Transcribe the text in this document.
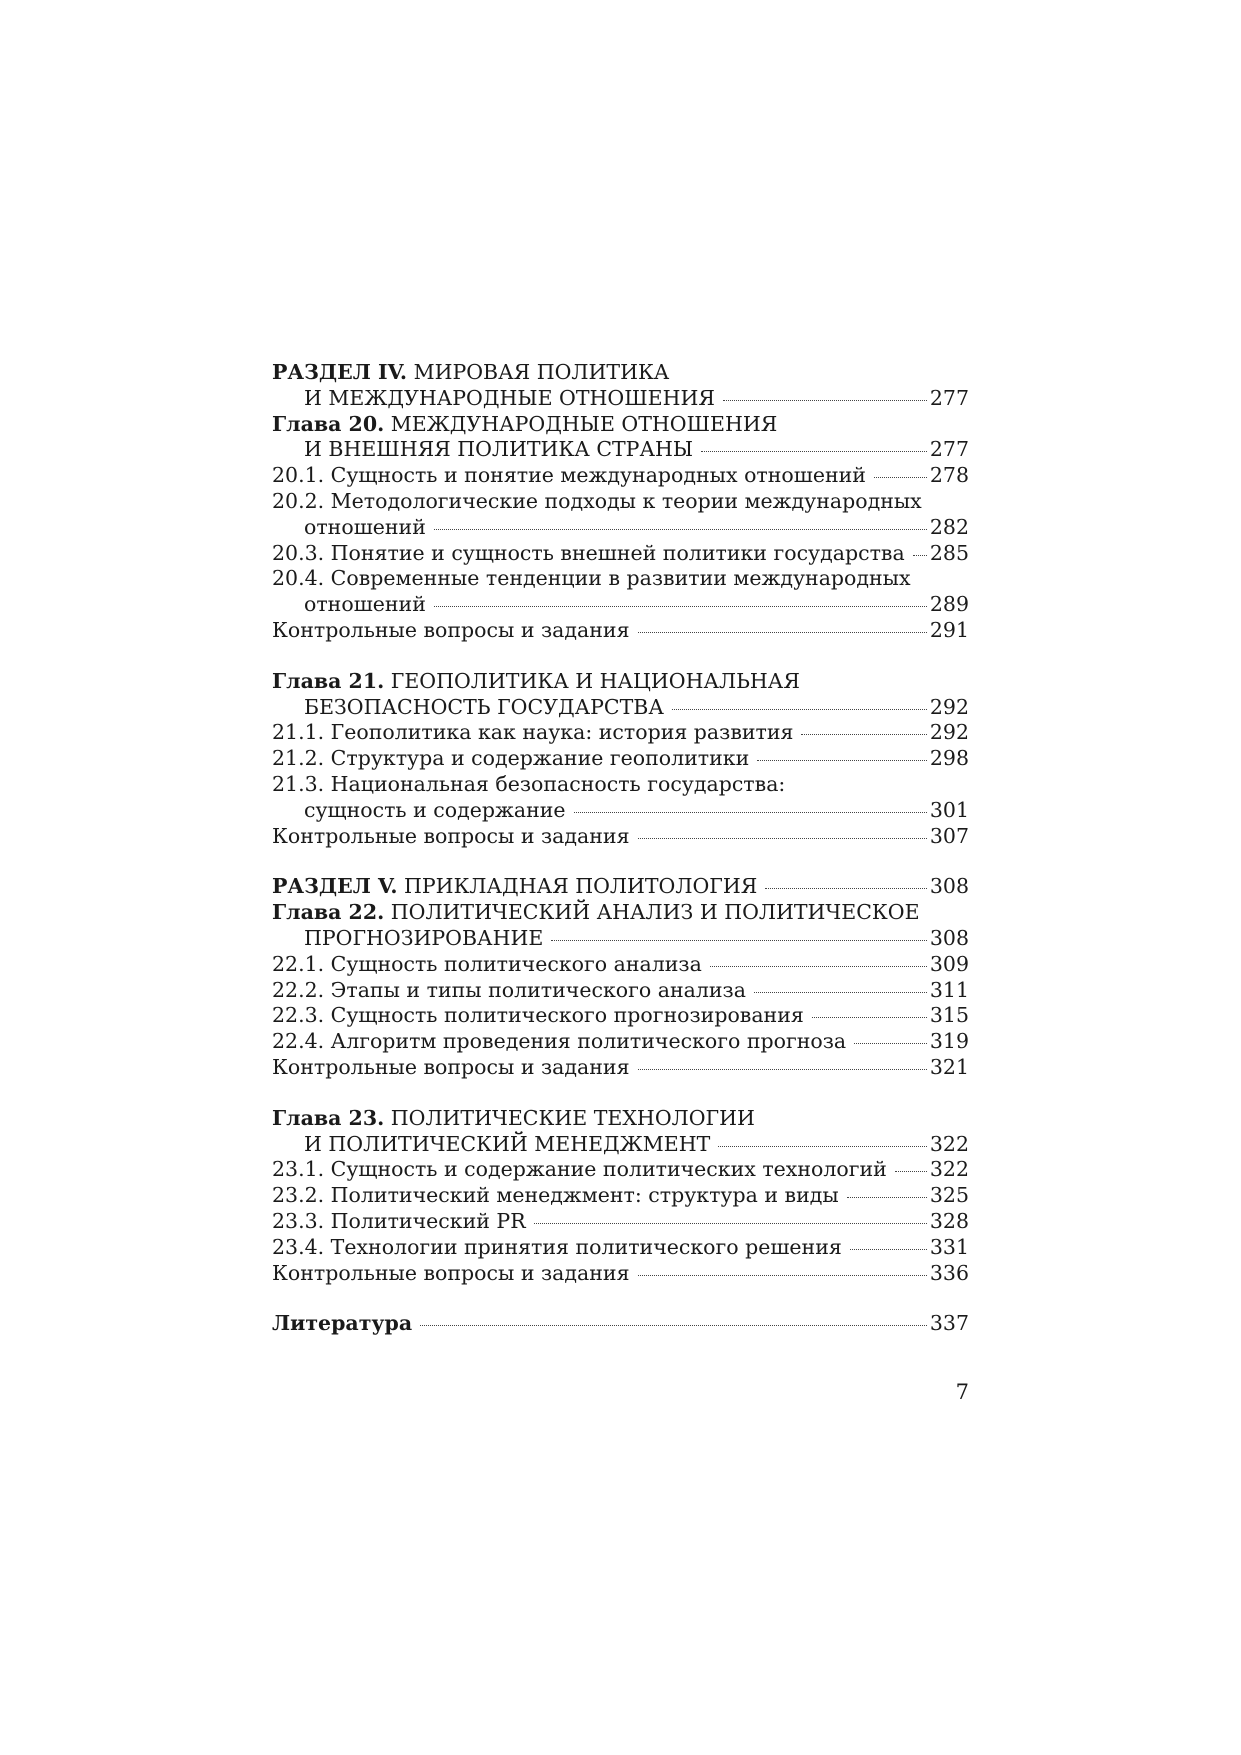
РАЗДЕЛ IV.
МИРОВАЯ ПОЛИТИКА
И МЕЖДУНАРОДНЫЕ ОТНОШЕНИЯ	277
Глава 20.
МЕЖДУНАРОДНЫЕ ОТНОШЕНИЯ
И ВНЕШНЯЯ ПОЛИТИКА СТРАНЫ	277
20.1. Сущность и понятие международных отношений	278
20.2. Методологические подходы к теории международных
отношений	282
20.3. Понятие и сущность внешней политики государства 285
20.4. Современные тенденции в развитии международных
отношений	289
Контрольные вопросы и задания	291
Глава 21.
ГЕОПОЛИТИКА И НАЦИОНАЛЬНАЯ
БЕЗОПАСНОСТЬ ГОСУДАРСТВА	292
21.1. Геополитика как наука: история развития	292
21.2. Структура и содержание геополитики	298
21.3. Национальная безопасность государства:
сущность и содержание	301
Контрольные вопросы и задания	307
РАЗДЕЛ V.
ПРИКЛАДНАЯ ПОЛИТОЛОГИЯ	308
Глава 22.
ПОЛИТИЧЕСКИЙ АНАЛИЗ И ПОЛИТИЧЕСКОЕ
ПРОГНОЗИРОВАНИЕ	308
22.1. Сущность политического анализа	309
22.2. Этапы и типы политического анализа	311
22.3. Сущность политического прогнозирования	315
22.4. Алгоритм проведения политического прогноза	319
Контрольные вопросы и задания	321
Глава 23.
ПОЛИТИЧЕСКИЕ ТЕХНОЛОГИИ
И ПОЛИТИЧЕСКИЙ МЕНЕДЖМЕНТ	322
23.1. Сущность и содержание политических технологий 322
23.2. Политический менеджмент: структура и виды	325
23.3. Политический PR	328
23.4. Технологии принятия политического решения	331
Контрольные вопросы и задания	336
Литература	337
7
